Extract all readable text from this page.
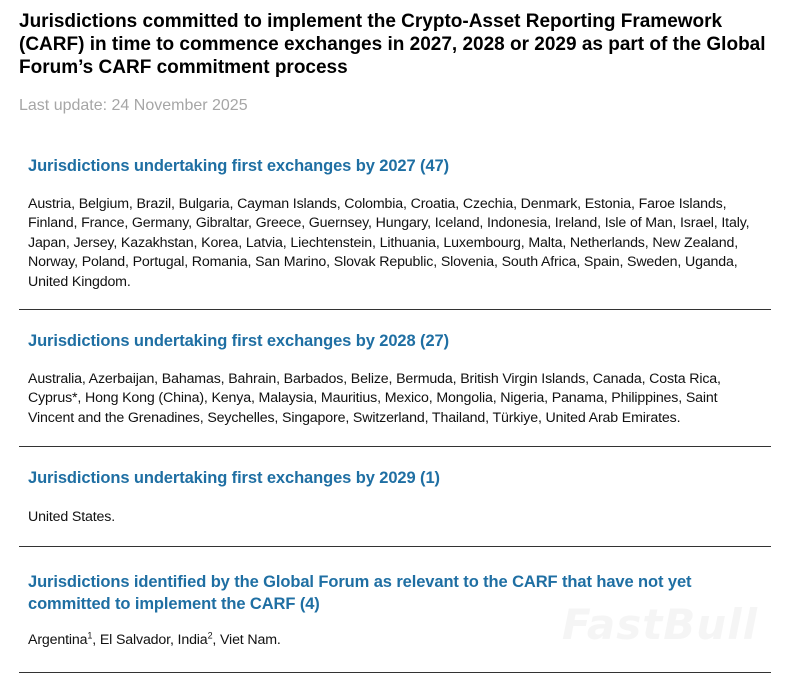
Jurisdictions committed to implement the Crypto-Asset Reporting Framework (CARF) in time to commence exchanges in 2027, 2028 or 2029 as part of the Global Forum’s CARF commitment process

Last update: 24 November 2025

Jurisdictions undertaking first exchanges by 2027 (47)

Austria, Belgium, Brazil, Bulgaria, Cayman Islands, Colombia, Croatia, Czechia, Denmark, Estonia, Faroe Islands, Finland, France, Germany, Gibraltar, Greece, Guernsey, Hungary, Iceland, Indonesia, Ireland, Isle of Man, Israel, Italy, Japan, Jersey, Kazakhstan, Korea, Latvia, Liechtenstein, Lithuania, Luxembourg, Malta, Netherlands, New Zealand, Norway, Poland, Portugal, Romania, San Marino, Slovak Republic, Slovenia, South Africa, Spain, Sweden, Uganda, United Kingdom.

Jurisdictions undertaking first exchanges by 2028 (27)

Australia, Azerbaijan, Bahamas, Bahrain, Barbados, Belize, Bermuda, British Virgin Islands, Canada, Costa Rica, Cyprus*, Hong Kong (China), Kenya, Malaysia, Mauritius, Mexico, Mongolia, Nigeria, Panama, Philippines, Saint Vincent and the Grenadines, Seychelles, Singapore, Switzerland, Thailand, Türkiye, United Arab Emirates.

Jurisdictions undertaking first exchanges by 2029 (1)

United States.

Jurisdictions identified by the Global Forum as relevant to the CARF that have not yet committed to implement the CARF (4)

Argentina$^1$, El Salvador, India$^2$, Viet Nam.	FastBull
